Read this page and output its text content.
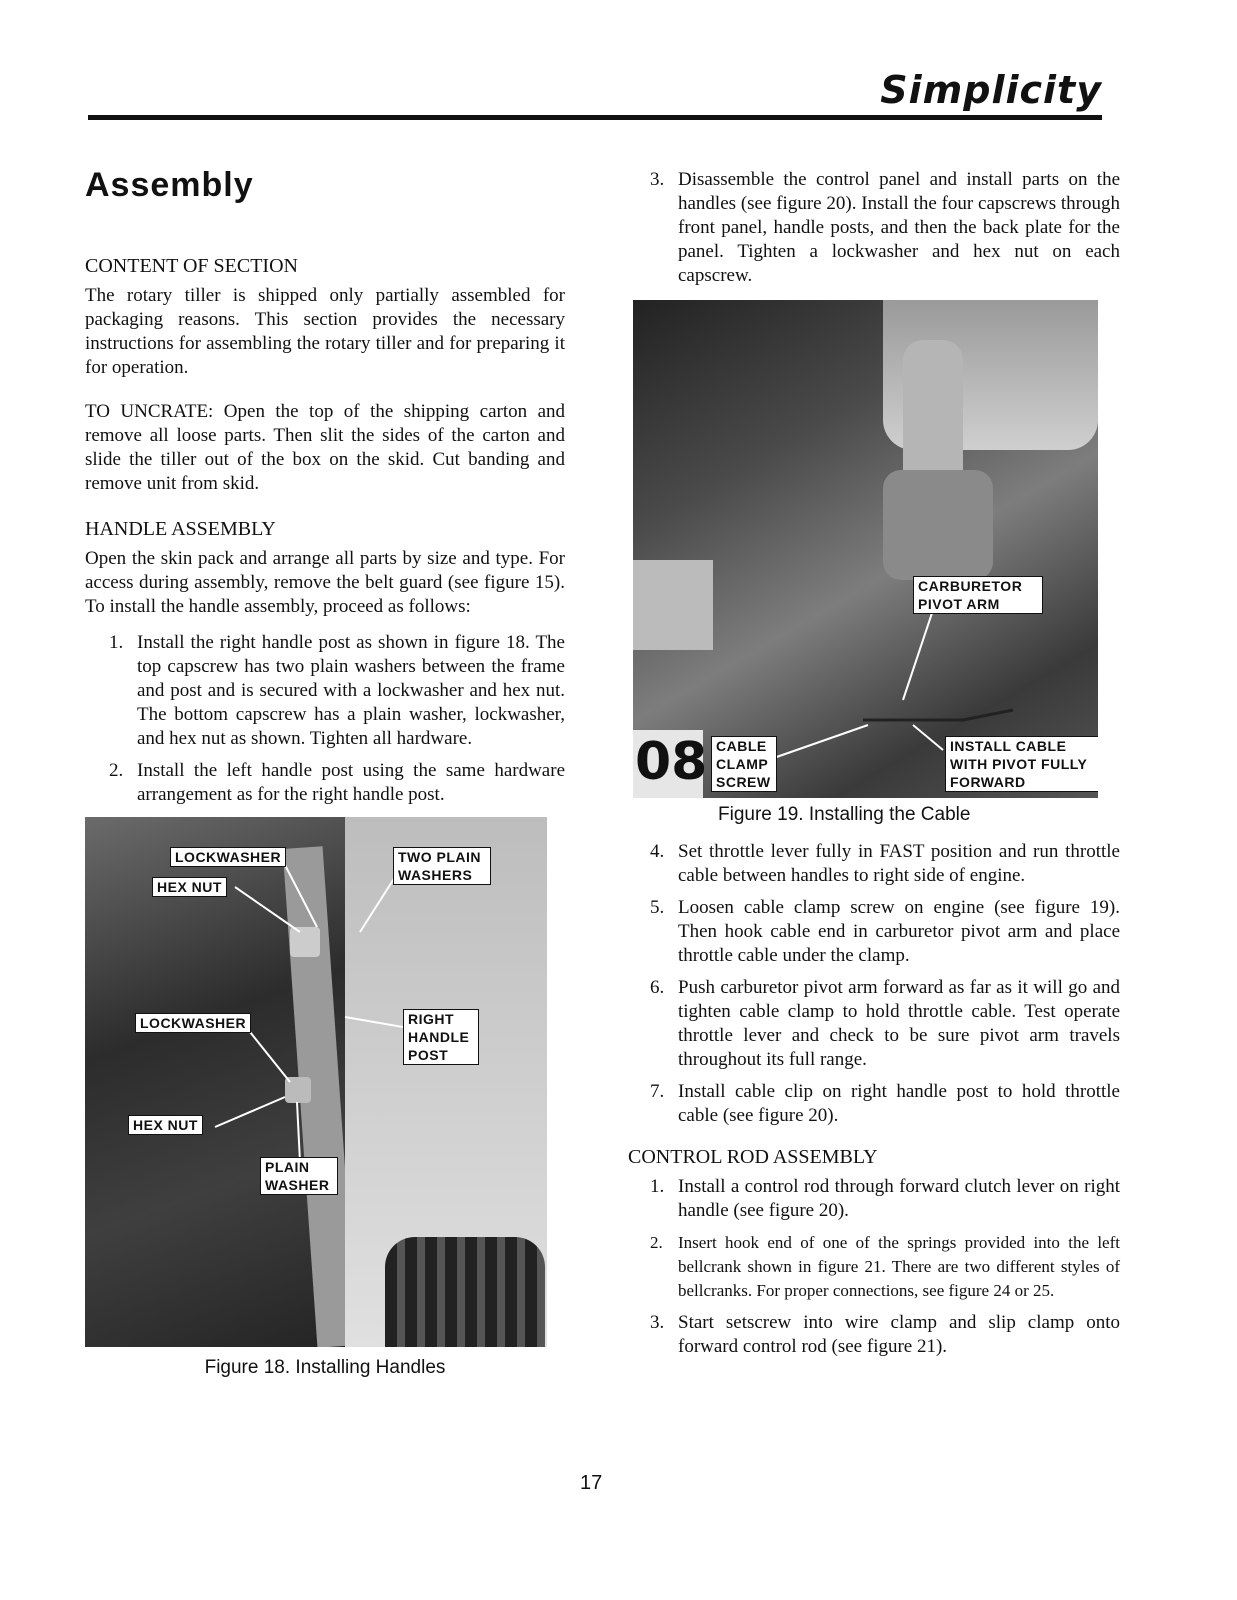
Simplicity
Assembly
CONTENT OF SECTION

The rotary tiller is shipped only partially assembled for packaging reasons. This section provides the necessary instructions for assembling the rotary tiller and for preparing it for operation.

TO UNCRATE: Open the top of the shipping carton and remove all loose parts. Then slit the sides of the carton and slide the tiller out of the box on the skid. Cut banding and remove unit from skid.

HANDLE ASSEMBLY

Open the skin pack and arrange all parts by size and type. For access during assembly, remove the belt guard (see figure 15). To install the handle assembly, proceed as follows:

1. Install the right handle post as shown in figure 18. The top capscrew has two plain washers between the frame and post and is secured with a lockwasher and hex nut. The bottom capscrew has a plain washer, lockwasher, and hex nut as shown. Tighten all hardware.
2. Install the left handle post using the same hardware arrangement as for the right handle post.
LOCKWASHER
HEX NUT
TWO PLAIN WASHERS
LOCKWASHER	RIGHT HANDLE POST
HEX NUT
PLAIN WASHER
Figure 18. Installing Handles
3. Disassemble the control panel and install parts on the handles (see figure 20). Install the four capscrews through front panel, handle posts, and then the back plate for the panel. Tighten a lockwasher and hex nut on each capscrew.
08
CARBURETOR PIVOT ARM
CABLE CLAMP SCREW
INSTALL CABLE WITH PIVOT FULLY FORWARD
Figure 19. Installing the Cable
4. Set throttle lever fully in FAST position and run throttle cable between handles to right side of engine.
5. Loosen cable clamp screw on engine (see figure 19). Then hook cable end in carburetor pivot arm and place throttle cable under the clamp.
6. Push carburetor pivot arm forward as far as it will go and tighten cable clamp to hold throttle cable. Test operate throttle lever and check to be sure pivot arm travels throughout its full range.
7. Install cable clip on right handle post to hold throttle cable (see figure 20).
CONTROL ROD ASSEMBLY
1. Install a control rod through forward clutch lever on right handle (see figure 20).
2. Insert hook end of one of the springs provided into the left bellcrank shown in figure 21. There are two different styles of bellcranks. For proper connections, see figure 24 or 25.
3. Start setscrew into wire clamp and slip clamp onto forward control rod (see figure 21).
17
